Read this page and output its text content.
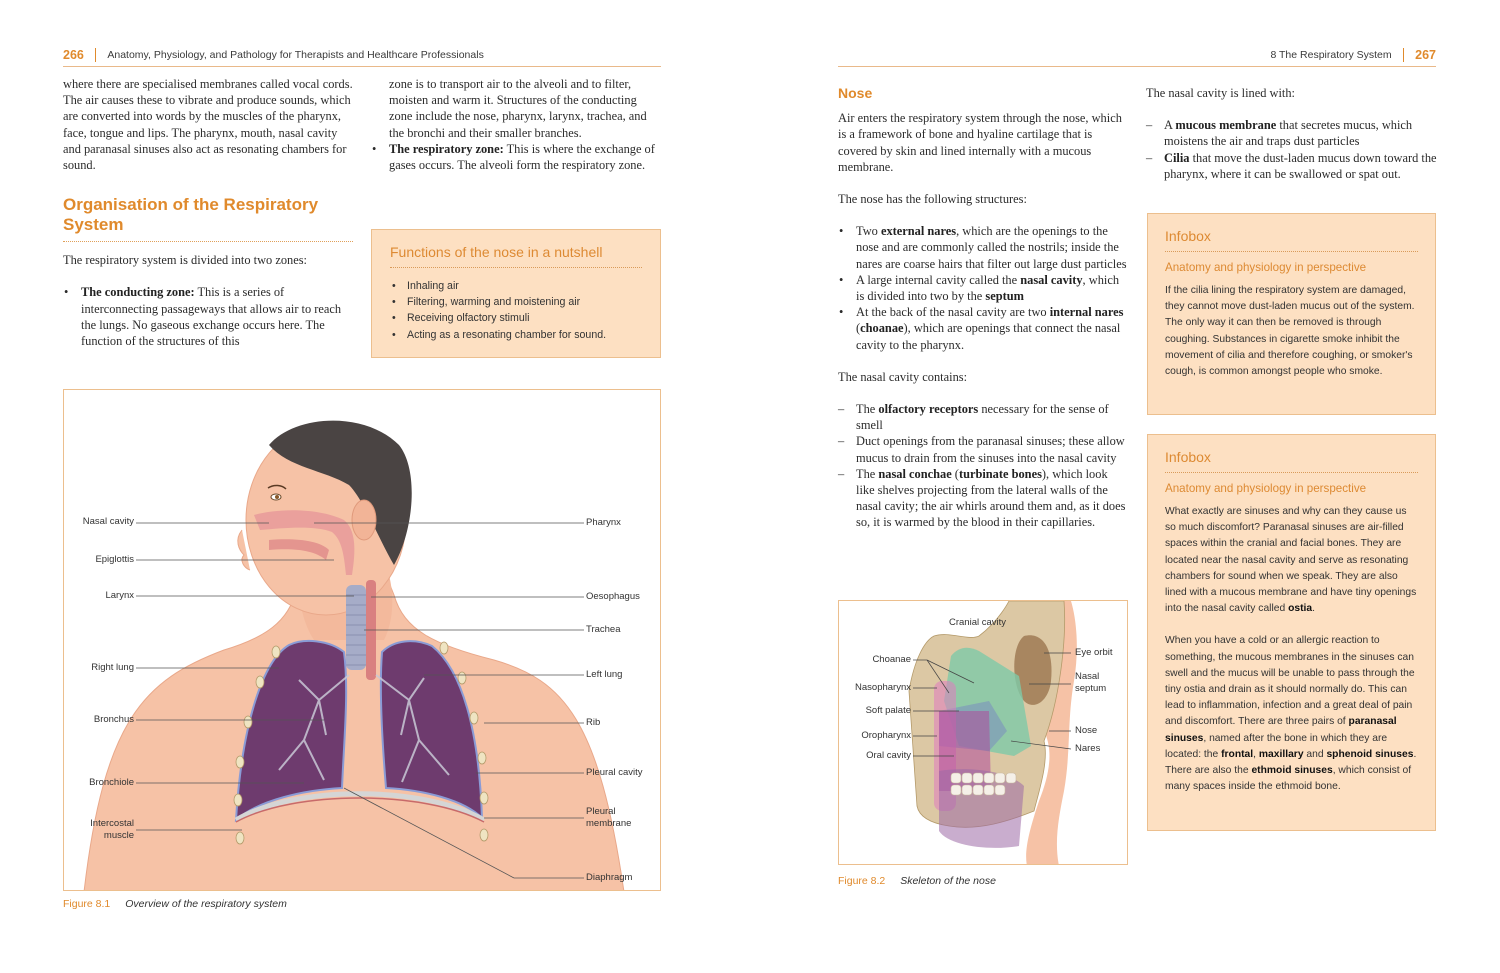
266 Anatomy, Physiology, and Pathology for Therapists and Healthcare Professionals	8 The Respiratory System 267

where there are specialised membranes called vocal cords. The air causes these to vibrate and produce sounds, which are converted into words by the muscles of the pharynx, face, tongue and lips. The pharynx, mouth, nasal cavity and paranasal sinuses also act as resonating chambers for sound.

Organisation of the Respiratory System

The respiratory system is divided into two zones:

• The conducting zone: This is a series of interconnecting passageways that allows air to reach the lungs. No gaseous exchange occurs here. The function of the structures of this

zone is to transport air to the alveoli and to filter, moisten and warm it. Structures of the conducting zone include the nose, pharynx, larynx, trachea, and the bronchi and their smaller branches.

• The respiratory zone: This is where the exchange of gases occurs. The alveoli form the respiratory zone.
Functions of the nose in a nutshell
• Inhaling air
• Filtering, warming and moistening air
• Receiving olfactory stimuli
• Acting as a resonating chamber for sound.
Nasal cavity
Epiglottis
Larynx
Right lung
Bronchus
Bronchiole
Intercostal muscle
Pharynx
Oesophagus
Trachea
Left lung
Rib
Pleural cavity
Pleural membrane
Diaphragm
Figure 8.1 Overview of the respiratory system
Nose

Air enters the respiratory system through the nose, which is a framework of bone and hyaline cartilage that is covered by skin and lined internally with a mucous membrane.

The nose has the following structures:

• Two external nares, which are the openings to the nose and are commonly called the nostrils; inside the nares are coarse hairs that filter out large dust particles
• A large internal cavity called the nasal cavity, which is divided into two by the septum
• At the back of the nasal cavity are two internal nares (choanae), which are openings that connect the nasal cavity to the pharynx.

The nasal cavity contains:

– The olfactory receptors necessary for the sense of smell
– Duct openings from the paranasal sinuses; these allow mucus to drain from the sinuses into the nasal cavity
– The nasal conchae (turbinate bones), which look like shelves projecting from the lateral walls of the nasal cavity; the air whirls around them and, as it does so, it is warmed by the blood in their capillaries.

The nasal cavity is lined with:

– A mucous membrane that secretes mucus, which moistens the air and traps dust particles
– Cilia that move the dust-laden mucus down toward the pharynx, where it can be swallowed or spat out.
Infobox
Anatomy and physiology in perspective

If the cilia lining the respiratory system are damaged, they cannot move dust-laden mucus out of the system. The only way it can then be removed is through coughing. Substances in cigarette smoke inhibit the movement of cilia and therefore coughing, or smoker's cough, is common amongst people who smoke.

Infobox
Anatomy and physiology in perspective

What exactly are sinuses and why can they cause us so much discomfort? Paranasal sinuses are air-filled spaces within the cranial and facial bones. They are located near the nasal cavity and serve as resonating chambers for sound when we speak. They are also lined with a mucous membrane and have tiny openings into the nasal cavity called ostia.

When you have a cold or an allergic reaction to something, the mucous membranes in the sinuses can swell and the mucus will be unable to pass through the tiny ostia and drain as it should normally do. This can lead to inflammation, infection and a great deal of pain and discomfort. There are three pairs of paranasal sinuses, named after the bone in which they are located: the frontal, maxillary and sphenoid sinuses. There are also the ethmoid sinuses, which consist of many spaces inside the ethmoid bone.

Cranial cavity
Choanae
Nasopharynx
Soft palate
Oropharynx
Oral cavity
Eye orbit
Nasal septum
Nose
Nares
Figure 8.2 Skeleton of the nose
